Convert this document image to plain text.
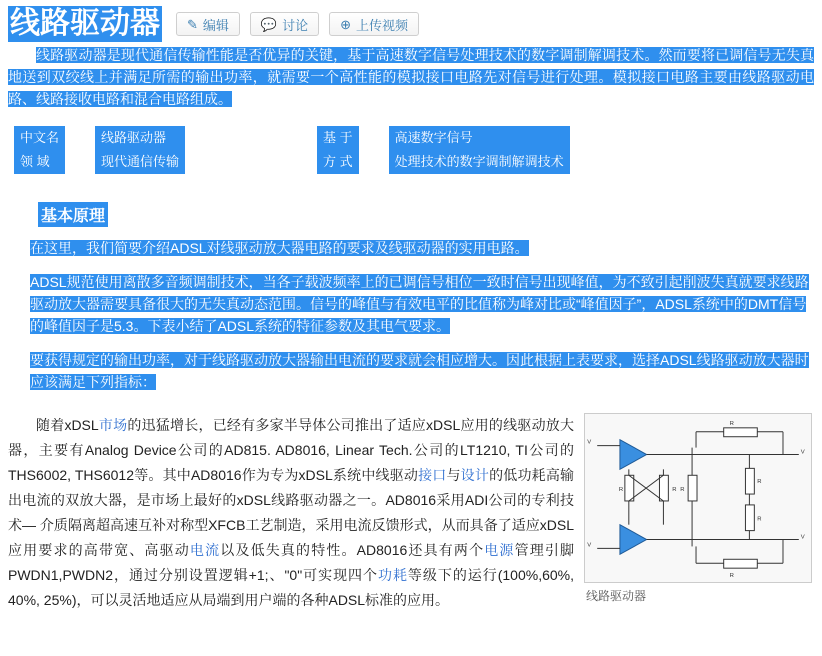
线路驱动器 ✎ 编辑 💬 讨论 ⊕ 上传视频

线路驱动器是现代通信传输性能是否优异的关键，基于高速数字信号处理技术的数字调制解调技术。然而要将已调信号无失真地送到双绞线上并满足所需的输出功率，就需要一个高性能的模拟接口电路先对信号进行处理。模拟接口电路主要由线路驱动电路、线路接收电路和混合电路组成。

中文名		线路驱动器		基 于		高速数字信号
领 域		现代通信传输		方 式		处理技术的数字调制解调技术
基本原理

在这里，我们简要介绍ADSL对线驱动放大器电路的要求及线驱动器的实用电路。

ADSL规范使用离散多音频调制技术，当各子载波频率上的已调信号相位一致时信号出现峰值，为不致引起削波失真就要求线路驱动放大器需要具备很大的无失真动态范围。信号的峰值与有效电平的比值称为峰对比或“峰值因子”，ADSL系统中的DMT信号的峰值因子是5.3。下表小结了ADSL系统的特征参数及其电气要求。

要获得规定的输出功率，对于线路驱动放大器输出电流的要求就会相应增大。因此根据上表要求，选择ADSL线路驱动放大器时应该满足下列指标：

随着xDSL市场的迅猛增长，已经有多家半导体公司推出了适应xDSL应用的线驱动放大器，主要有Analog Device公司的AD815. AD8016, Linear Tech.公司的LT1210, TI公司的THS6002, THS6012等。其中AD8016作为专为xDSL系统中线驱动接口与设计的低功耗高输出电流的双放大器，是市场上最好的xDSL线路驱动器之一。AD8016采用ADI公司的专利技术— 介质隔离超高速互补对称型XFCB工艺制造，采用电流反馈形式，从而具备了适应xDSL应用要求的高带宽、高驱动电流以及低失真的特性。AD8016还具有两个电源管理引脚PWDN1,PWDN2，通过分别设置逻辑+1;、"0"可实现四个功耗等级下的运行(100%,60%, 40%, 25%)，可以灵活地适应从局端到用户端的各种ADSL标准的应用。
V
V
V
V
R
R
R	R R
R
R
线路驱动器
